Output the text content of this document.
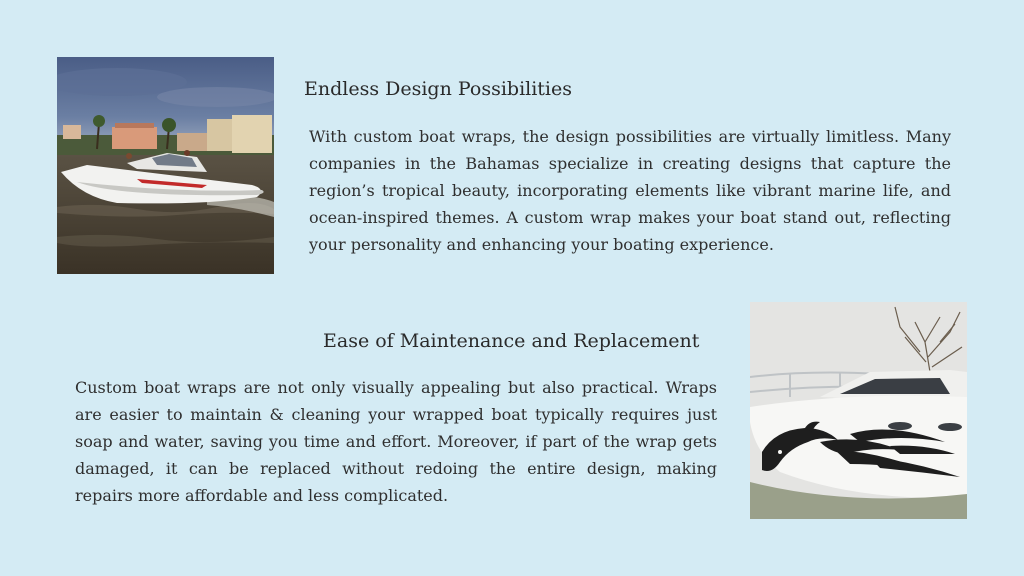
Endless Design Possibilities

With custom boat wraps, the design possibilities are virtually limitless. Many companies in the Bahamas specialize in creating designs that capture the region’s tropical beauty, incorporating elements like vibrant marine life, and ocean-inspired themes. A custom wrap makes your boat stand out, reflecting your personality and enhancing your boating experience.

Ease of Maintenance and Replacement

Custom boat wraps are not only visually appealing but also practical. Wraps are easier to maintain & cleaning your wrapped boat typically requires just soap and water, saving you time and effort. Moreover, if part of the wrap gets damaged, it can be replaced without redoing the entire design, making repairs more affordable and less complicated.
